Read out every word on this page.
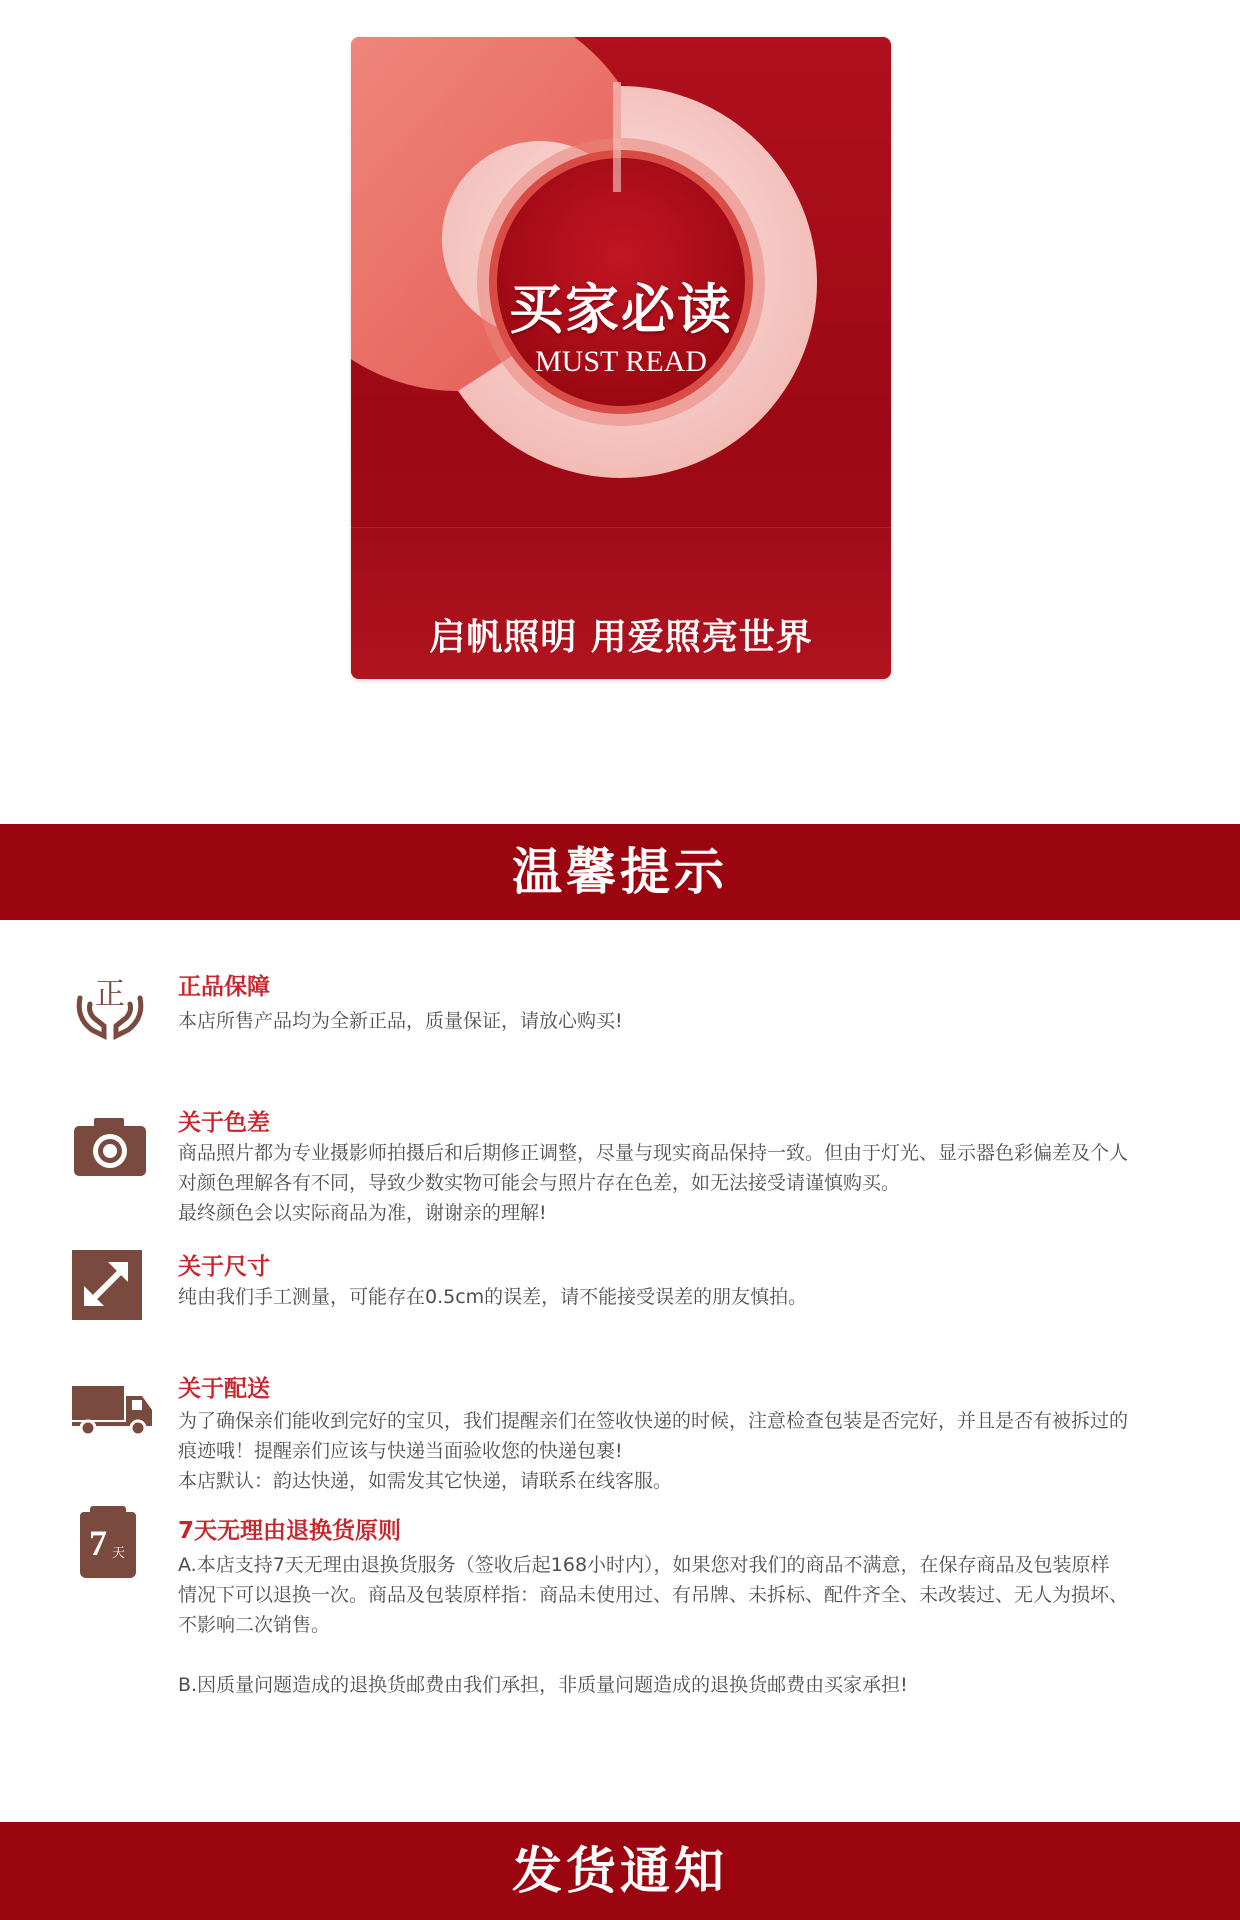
买家必读
MUST READ
启帆照明 用爱照亮世界
温馨提示
正 正品保障

本店所售产品均为全新正品，质量保证，请放心购买!

关于色差

商品照片都为专业摄影师拍摄后和后期修正调整，尽量与现实商品保持一致。但由于灯光、显示器色彩偏差及个人

对颜色理解各有不同，导致少数实物可能会与照片存在色差，如无法接受请谨慎购买。

最终颜色会以实际商品为准，谢谢亲的理解!

关于尺寸

纯由我们手工测量，可能存在0.5cm的误差，请不能接受误差的朋友慎拍。

关于配送

为了确保亲们能收到完好的宝贝，我们提醒亲们在签收快递的时候，注意检查包装是否完好，并且是否有被拆过的

痕迹哦！提醒亲们应该与快递当面验收您的快递包裹!

本店默认：韵达快递，如需发其它快递，请联系在线客服。

7 天
7天无理由退换货原则

A.本店支持7天无理由退换货服务（签收后起168小时内），如果您对我们的商品不满意，在保存商品及包装原样

情况下可以退换一次。商品及包装原样指：商品未使用过、有吊牌、未拆标、配件齐全、未改装过、无人为损坏、

不影响二次销售。

B.因质量问题造成的退换货邮费由我们承担，非质量问题造成的退换货邮费由买家承担!

发货通知
